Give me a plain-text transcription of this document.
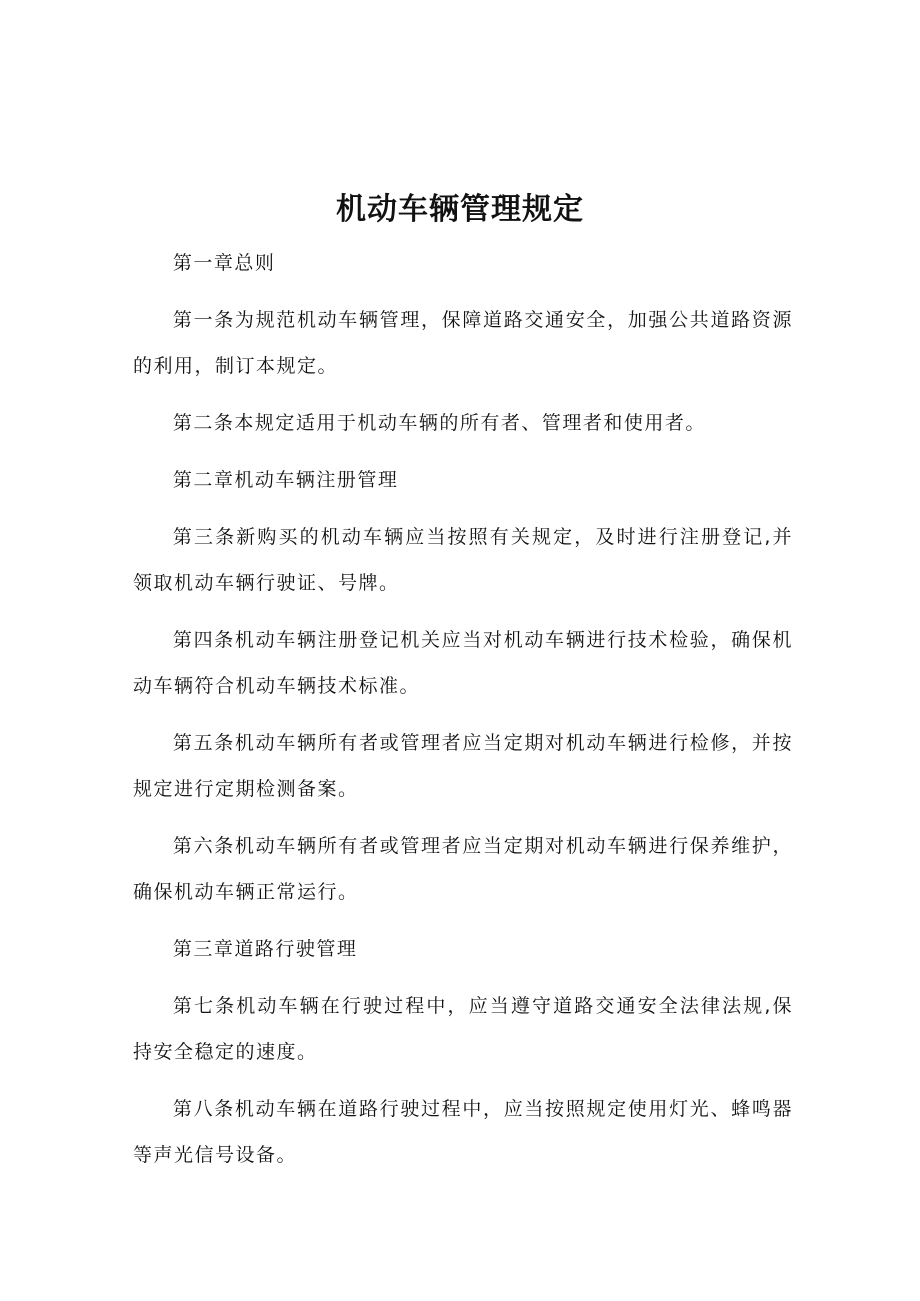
机动车辆管理规定

第一章总则

第一条为规范机动车辆管理，保障道路交通安全，加强公共道路资源的利用，制订本规定。

第二条本规定适用于机动车辆的所有者、管理者和使用者。

第二章机动车辆注册管理

第三条新购买的机动车辆应当按照有关规定，及时进行注册登记,并领取机动车辆行驶证、号牌。

第四条机动车辆注册登记机关应当对机动车辆进行技术检验，确保机动车辆符合机动车辆技术标准。

第五条机动车辆所有者或管理者应当定期对机动车辆进行检修，并按规定进行定期检测备案。

第六条机动车辆所有者或管理者应当定期对机动车辆进行保养维护，确保机动车辆正常运行。

第三章道路行驶管理

第七条机动车辆在行驶过程中，应当遵守道路交通安全法律法规,保持安全稳定的速度。

第八条机动车辆在道路行驶过程中，应当按照规定使用灯光、蜂鸣器等声光信号设备。
